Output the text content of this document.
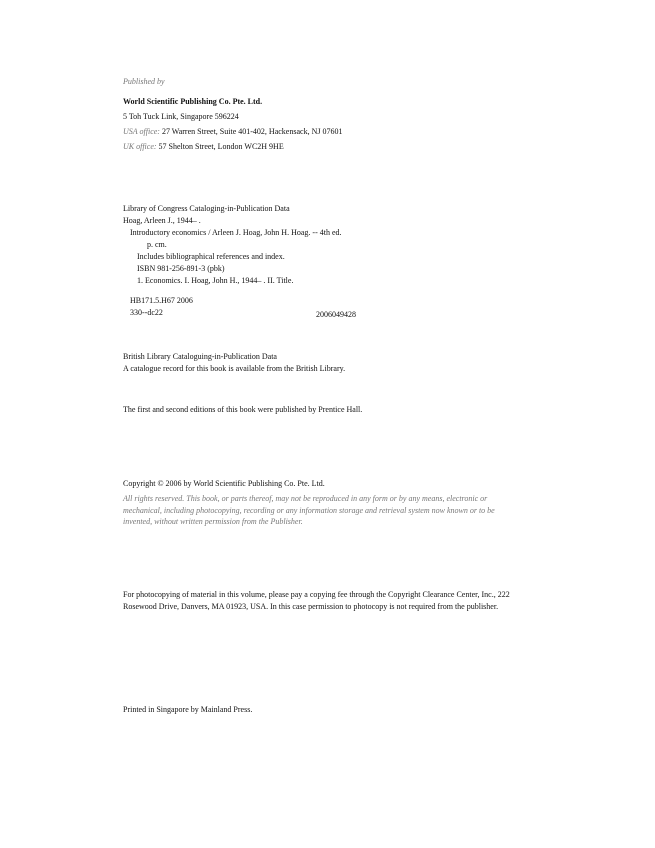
Published by
World Scientific Publishing Co. Pte. Ltd.
5 Toh Tuck Link, Singapore 596224
USA office: 27 Warren Street, Suite 401-402, Hackensack, NJ 07601
UK office: 57 Shelton Street, London WC2H 9HE
Library of Congress Cataloging-in-Publication Data
Hoag, Arleen J., 1944– .
Introductory economics / Arleen J. Hoag, John H. Hoag. -- 4th ed.
p. cm.
Includes bibliographical references and index.
ISBN 981-256-891-3 (pbk)
1. Economics. I. Hoag, John H., 1944– . II. Title.
HB171.5.H67 2006
330--dc22	2006049428
British Library Cataloguing-in-Publication Data
A catalogue record for this book is available from the British Library.
The first and second editions of this book were published by Prentice Hall.
Copyright © 2006 by World Scientific Publishing Co. Pte. Ltd.
All rights reserved. This book, or parts thereof, may not be reproduced in any form or by any means, electronic or mechanical, including photocopying, recording or any information storage and retrieval system now known or to be invented, without written permission from the Publisher.
For photocopying of material in this volume, please pay a copying fee through the Copyright Clearance Center, Inc., 222 Rosewood Drive, Danvers, MA 01923, USA. In this case permission to photocopy is not required from the publisher.
Printed in Singapore by Mainland Press.
